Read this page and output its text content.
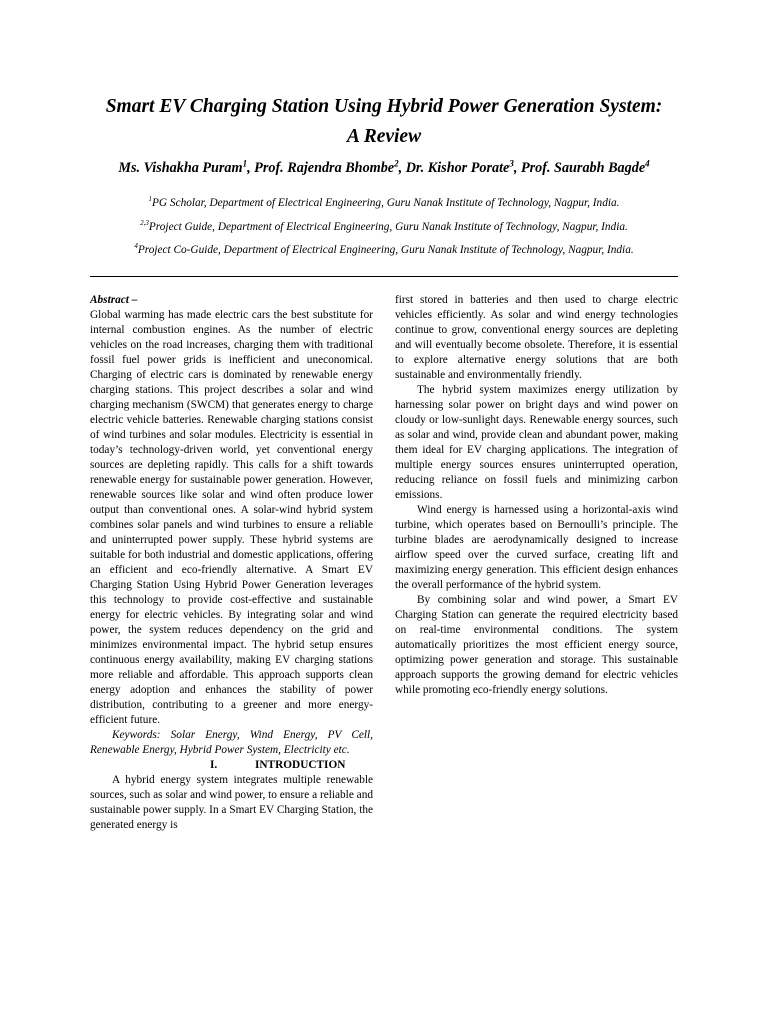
Smart EV Charging Station Using Hybrid Power Generation System:
A Review
Ms. Vishakha Puram$^1$, Prof. Rajendra Bhombe$^2$, Dr. Kishor Porate$^3$, Prof. Saurabh Bagde$^4$
$^1$PG Scholar, Department of Electrical Engineering, Guru Nanak Institute of Technology, Nagpur, India.
$^{2,3}$Project Guide, Department of Electrical Engineering, Guru Nanak Institute of Technology, Nagpur, India.
$^4$Project Co-Guide, Department of Electrical Engineering, Guru Nanak Institute of Technology, Nagpur, India.

Abstract –

Global warming has made electric cars the best substitute for internal combustion engines. As the number of electric vehicles on the road increases, charging them with traditional fossil fuel power grids is inefficient and uneconomical. Charging of electric cars is dominated by renewable energy charging stations. This project describes a solar and wind charging mechanism (SWCM) that generates energy to charge electric vehicle batteries. Renewable charging stations consist of wind turbines and solar modules. Electricity is essential in today’s technology-driven world, yet conventional energy sources are depleting rapidly. This calls for a shift towards renewable energy for sustainable power generation. However, renewable sources like solar and wind often produce lower output than conventional ones. A solar-wind hybrid system combines solar panels and wind turbines to ensure a reliable and uninterrupted power supply. These hybrid systems are suitable for both industrial and domestic applications, offering an efficient and eco-friendly alternative. A Smart EV Charging Station Using Hybrid Power Generation leverages this technology to provide cost-effective and sustainable energy for electric vehicles. By integrating solar and wind power, the system reduces dependency on the grid and minimizes environmental impact. The hybrid setup ensures continuous energy availability, making EV charging stations more reliable and affordable. This approach supports clean energy adoption and enhances the stability of power distribution, contributing to a greener and more energy-efficient future.

Keywords: Solar Energy, Wind Energy, PV Cell, Renewable Energy, Hybrid Power System, Electricity etc.

I.	INTRODUCTION

A hybrid energy system integrates multiple renewable sources, such as solar and wind power, to ensure a reliable and sustainable power supply. In a Smart EV Charging Station, the generated energy is

first stored in batteries and then used to charge electric vehicles efficiently. As solar and wind energy technologies continue to grow, conventional energy sources are depleting and will eventually become obsolete. Therefore, it is essential to explore alternative energy solutions that are both sustainable and environmentally friendly.

The hybrid system maximizes energy utilization by harnessing solar power on bright days and wind power on cloudy or low-sunlight days. Renewable energy sources, such as solar and wind, provide clean and abundant power, making them ideal for EV charging applications. The integration of multiple energy sources ensures uninterrupted operation, reducing reliance on fossil fuels and minimizing carbon emissions.

Wind energy is harnessed using a horizontal-axis wind turbine, which operates based on Bernoulli’s principle. The turbine blades are aerodynamically designed to increase airflow speed over the curved surface, creating lift and maximizing energy generation. This efficient design enhances the overall performance of the hybrid system.

By combining solar and wind power, a Smart EV Charging Station can generate the required electricity based on real-time environmental conditions. The system automatically prioritizes the most efficient energy source, optimizing power generation and storage. This sustainable approach supports the growing demand for electric vehicles while promoting eco-friendly energy solutions.
